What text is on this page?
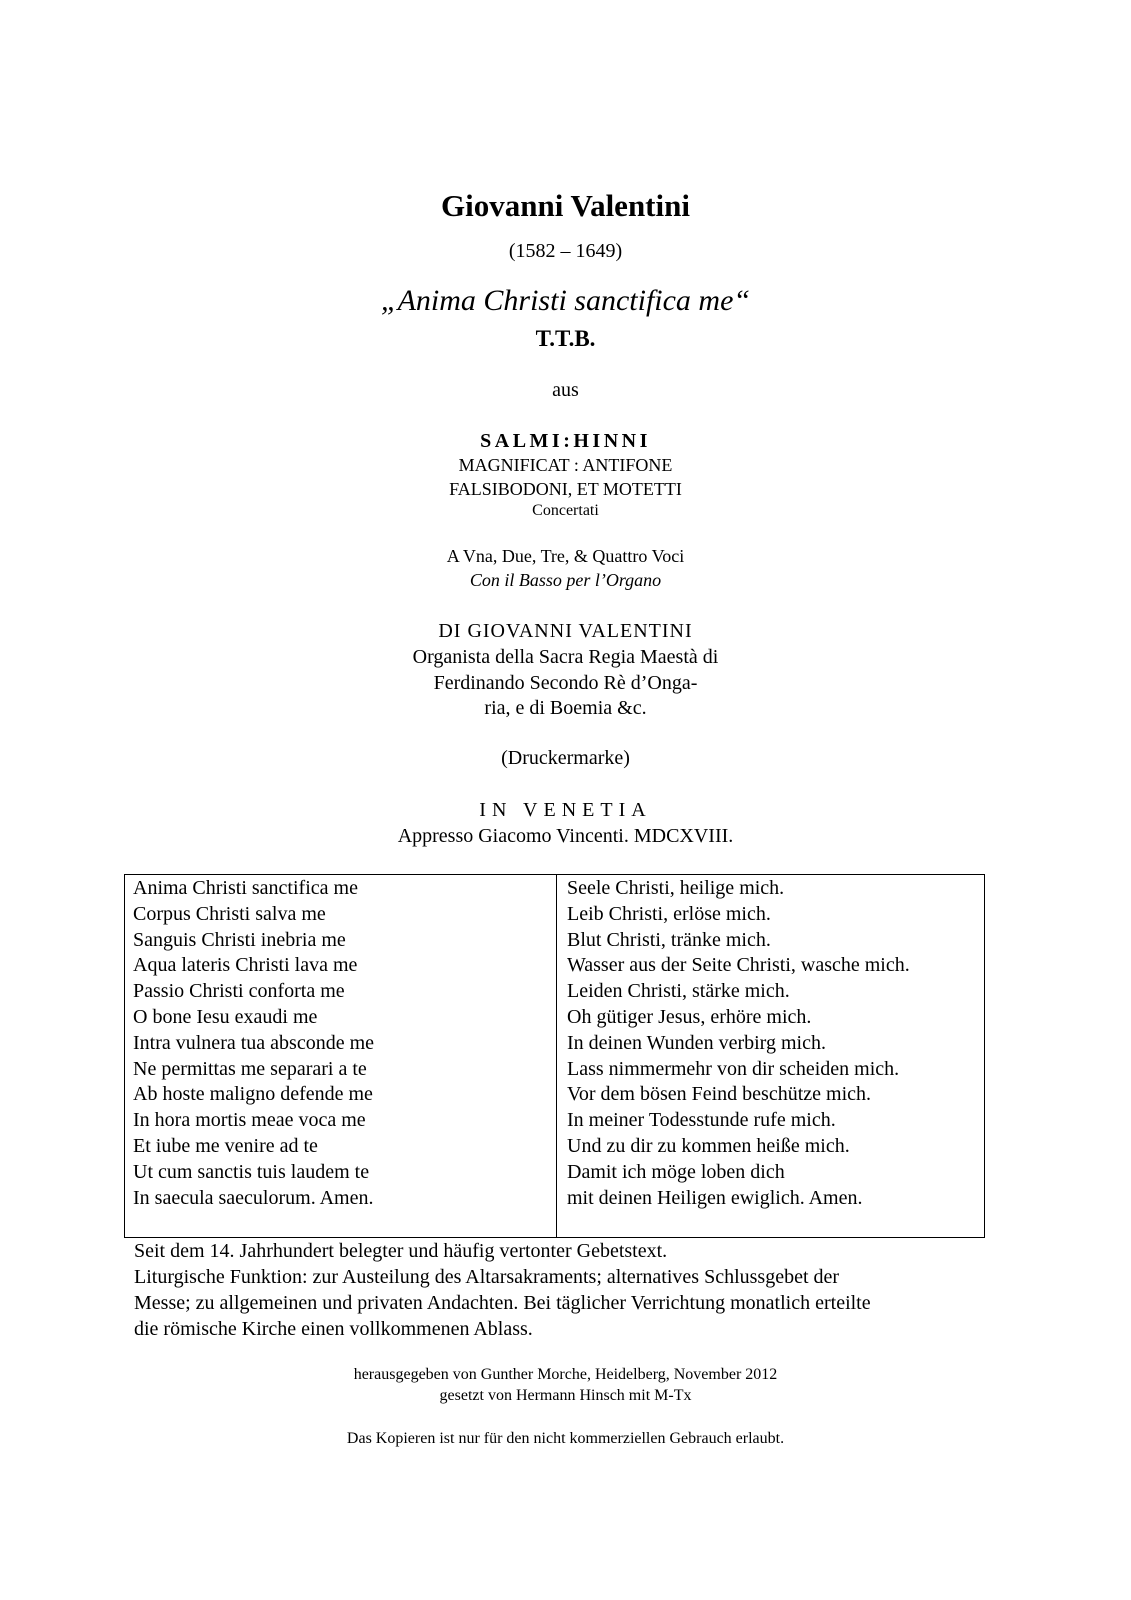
Giovanni Valentini
(1582 – 1649)
„Anima Christi sanctifica me“
T.T.B.
aus
SALMI:HINNI
MAGNIFICAT : ANTIFONE
FALSIBODONI, ET MOTETTI
Concertati
A Vna, Due, Tre, & Quattro Voci
Con il Basso per l’Organo
DI GIOVANNI VALENTINI
Organista della Sacra Regia Maestà di
Ferdinando Secondo Rè d’Onga-
ria, e di Boemia &c.
(Druckermarke)
IN VENETIA
Appresso Giacomo Vincenti. MDCXVIII.
Anima Christi sanctifica me
Corpus Christi salva me
Sanguis Christi inebria me
Aqua lateris Christi lava me
Passio Christi conforta me
O bone Iesu exaudi me
Intra vulnera tua absconde me
Ne permittas me separari a te
Ab hoste maligno defende me
In hora mortis meae voca me
Et iube me venire ad te
Ut cum sanctis tuis laudem te
In saecula saeculorum. Amen.
Seele Christi, heilige mich.
Leib Christi, erlöse mich.
Blut Christi, tränke mich.
Wasser aus der Seite Christi, wasche mich.
Leiden Christi, stärke mich.
Oh gütiger Jesus, erhöre mich.
In deinen Wunden verbirg mich.
Lass nimmermehr von dir scheiden mich.
Vor dem bösen Feind beschütze mich.
In meiner Todesstunde rufe mich.
Und zu dir zu kommen heiße mich.
Damit ich möge loben dich
mit deinen Heiligen ewiglich. Amen.
Seit dem 14. Jahrhundert belegter und häufig vertonter Gebetstext.
Liturgische Funktion: zur Austeilung des Altarsakraments; alternatives Schlussgebet der
Messe; zu allgemeinen und privaten Andachten. Bei täglicher Verrichtung monatlich erteilte
die römische Kirche einen vollkommenen Ablass.
herausgegeben von Gunther Morche, Heidelberg, November 2012
gesetzt von Hermann Hinsch mit M-Tx
Das Kopieren ist nur für den nicht kommerziellen Gebrauch erlaubt.
